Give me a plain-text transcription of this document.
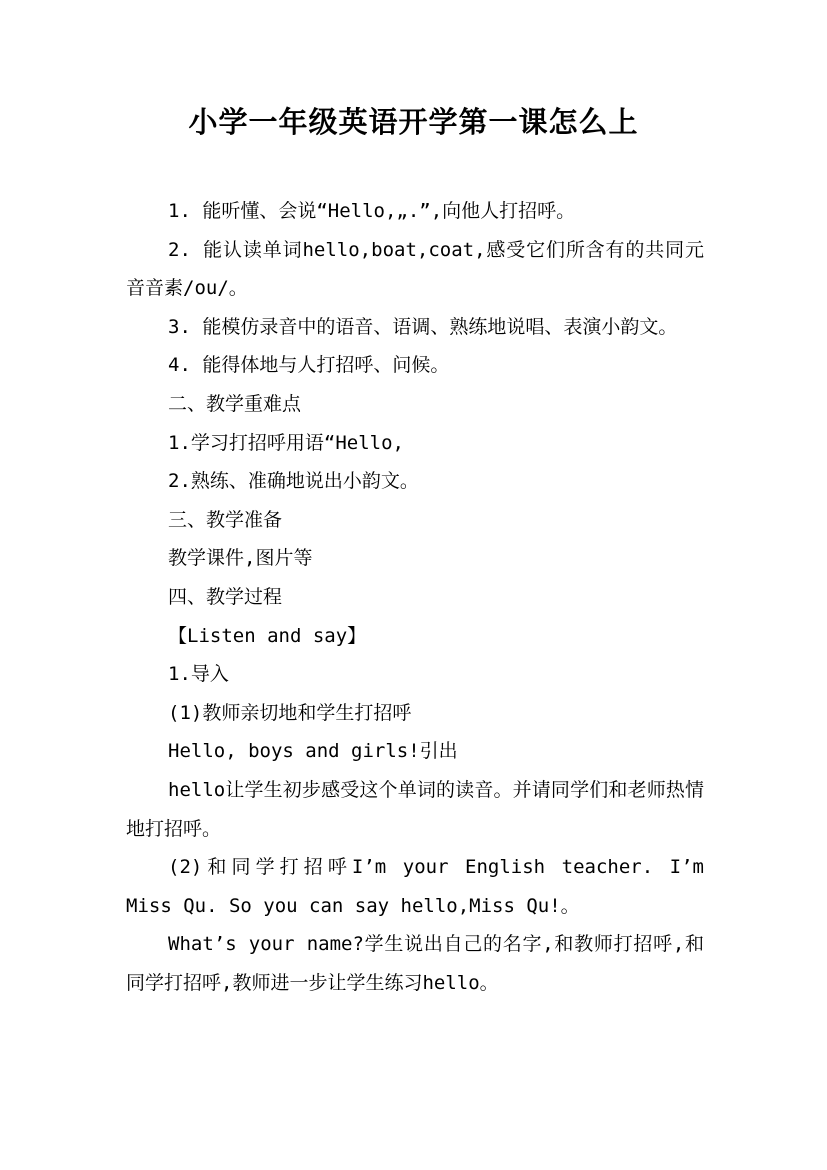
小学一年级英语开学第一课怎么上

1. 能听懂、会说“Hello,„.”,向他人打招呼。

2. 能认读单词hello,boat,coat,感受它们所含有的共同元音音素/ou/。

3. 能模仿录音中的语音、语调、熟练地说唱、表演小韵文。

4. 能得体地与人打招呼、问候。

二、教学重难点

1.学习打招呼用语“Hello,

2.熟练、准确地说出小韵文。

三、教学准备

教学课件,图片等

四、教学过程

【Listen and say】

1.导入

(1)教师亲切地和学生打招呼

Hello, boys and girls!引出

hello让学生初步感受这个单词的读音。并请同学们和老师热情地打招呼。

(2)和同学打招呼I’m your English teacher. I’m Miss Qu. So you can say hello,Miss Qu!。

What’s your name?学生说出自己的名字,和教师打招呼,和同学打招呼,教师进一步让学生练习hello。
